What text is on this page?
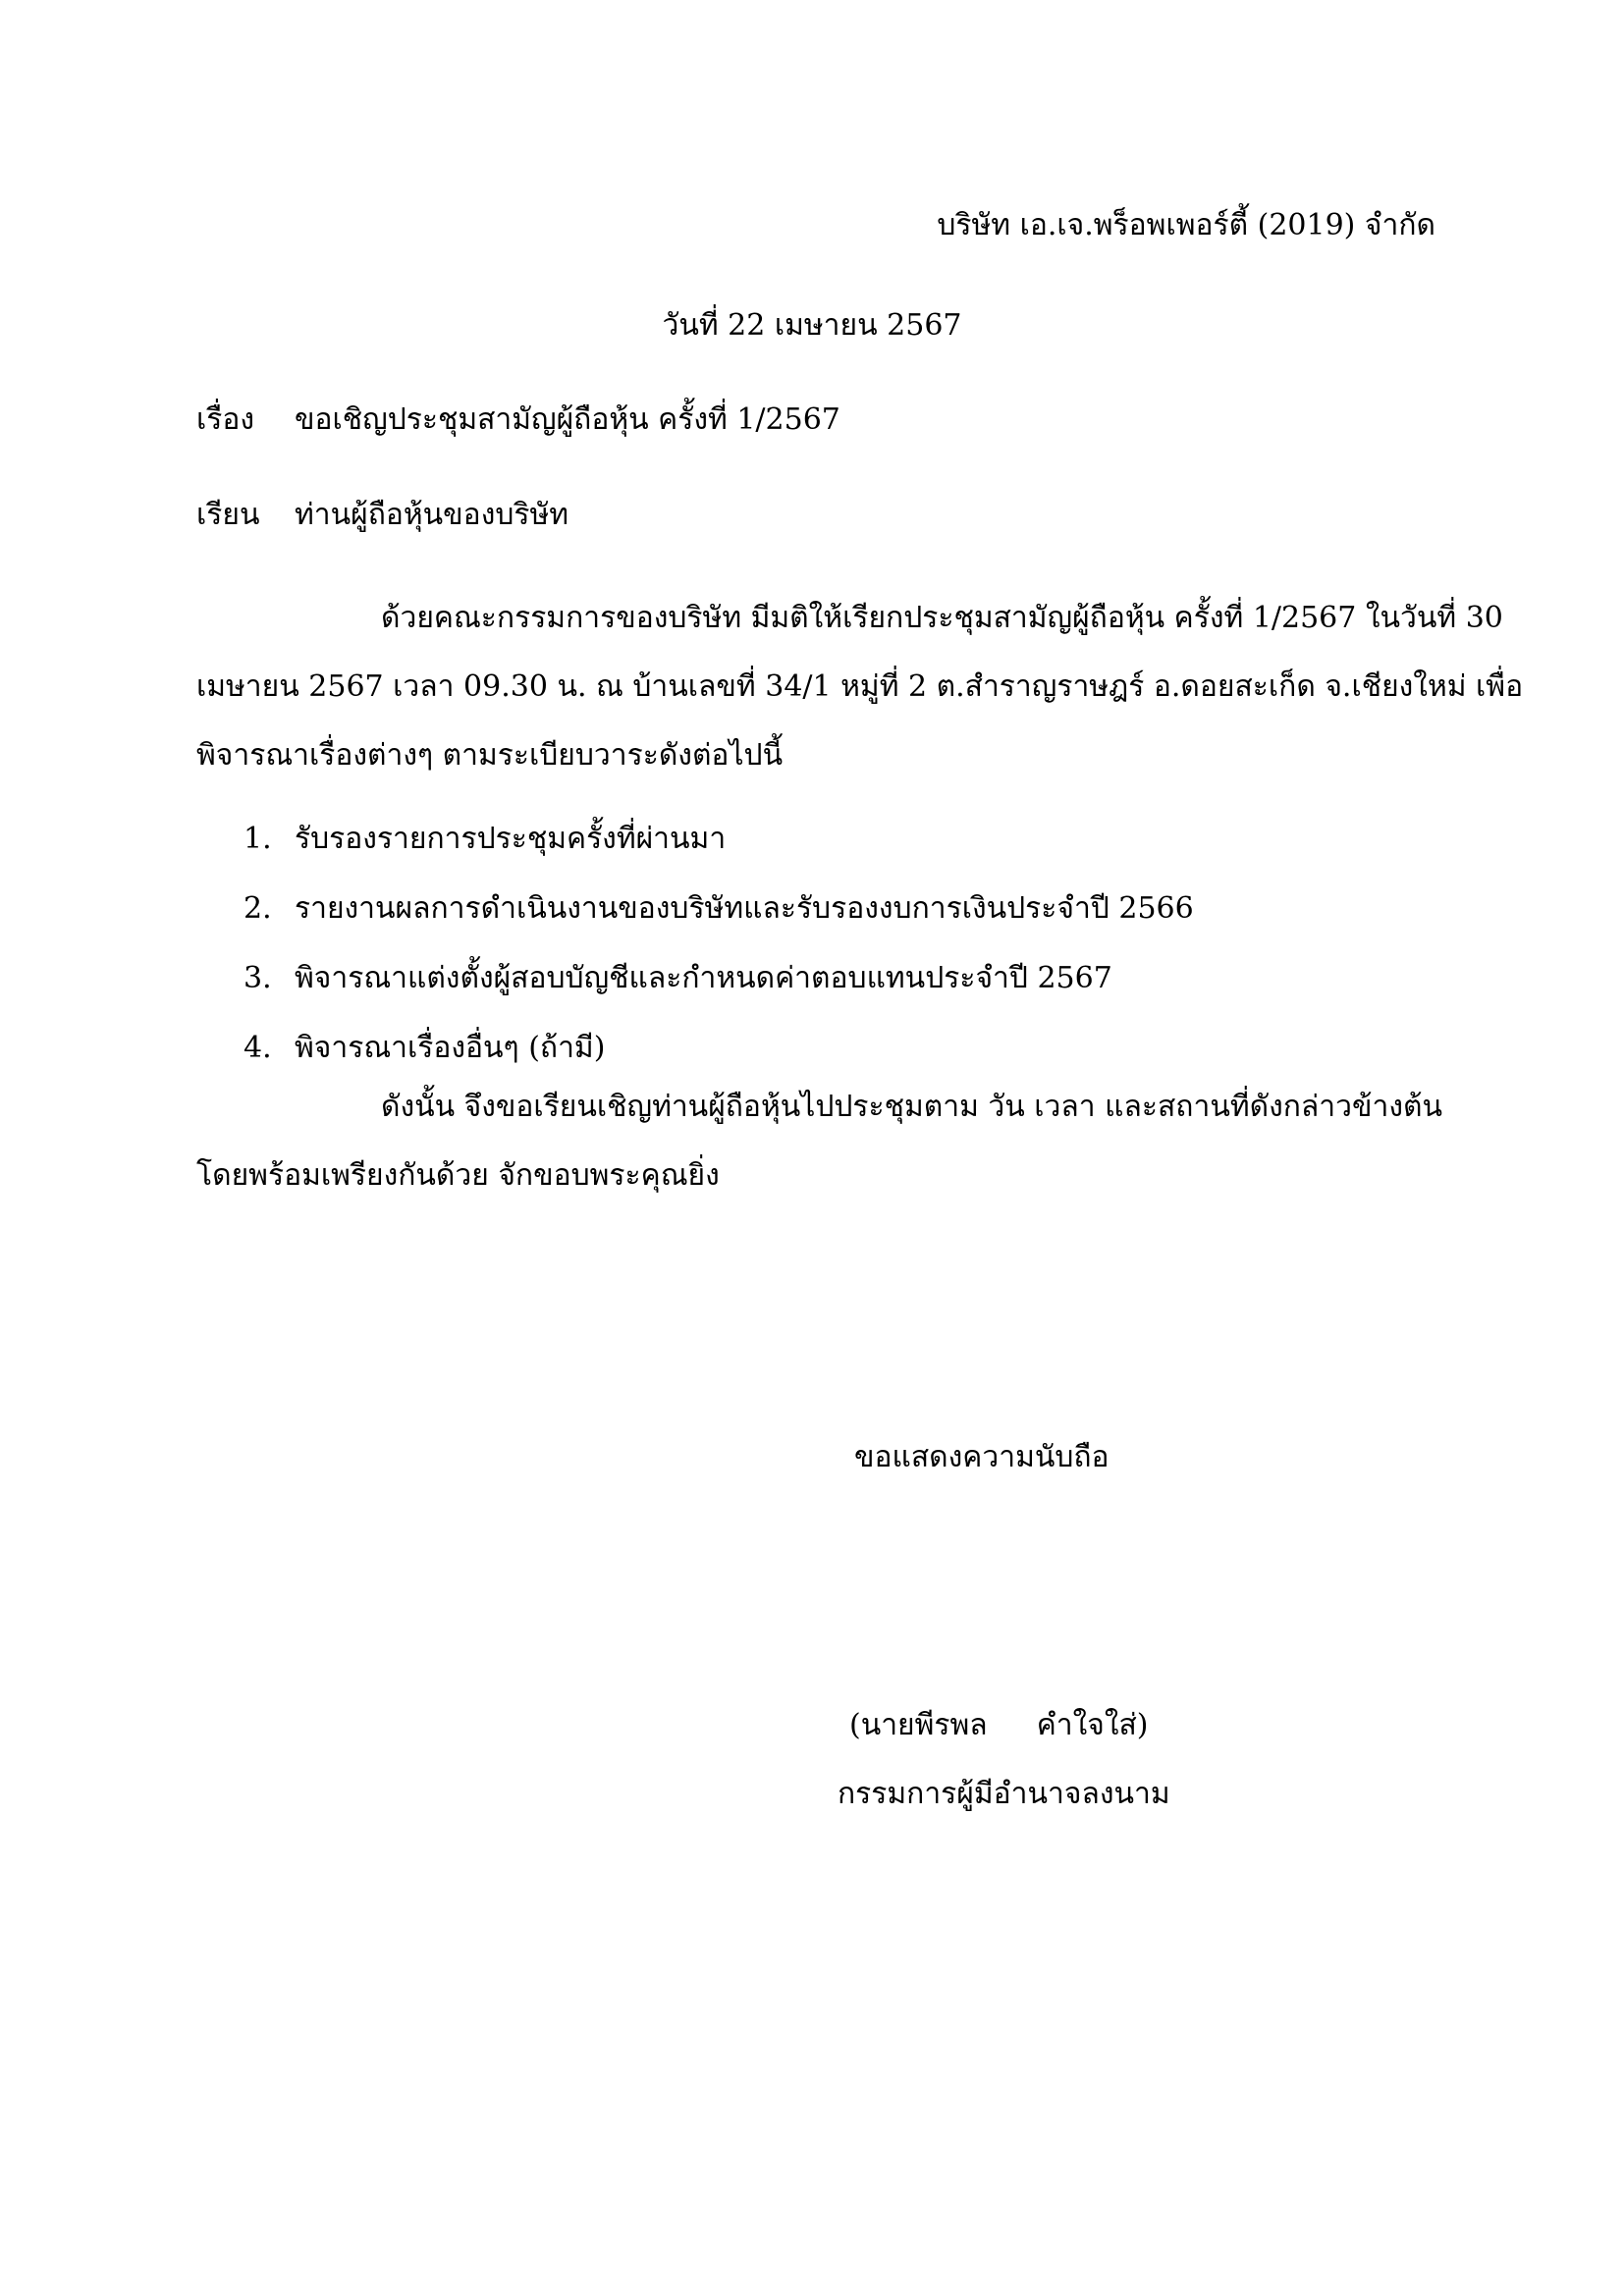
บริษัท เอ.เจ.พร็อพเพอร์ตี้ (2019) จำกัด
วันที่ 22 เมษายน 2567
เรื่อง ขอเชิญประชุมสามัญผู้ถือหุ้น ครั้งที่ 1/2567
เรียน ท่านผู้ถือหุ้นของบริษัท

ด้วยคณะกรรมการของบริษัท มีมติให้เรียกประชุมสามัญผู้ถือหุ้น ครั้งที่ 1/2567 ในวันที่ 30
เมษายน 2567 เวลา 09.30 น. ณ บ้านเลขที่ 34/1 หมู่ที่ 2 ต.สำราญราษฎร์ อ.ดอยสะเก็ด จ.เชียงใหม่ เพื่อ
พิจารณาเรื่องต่างๆ ตามระเบียบวาระดังต่อไปนี้

1. รับรองรายการประชุมครั้งที่ผ่านมา
2. รายงานผลการดำเนินงานของบริษัทและรับรองงบการเงินประจำปี 2566
3. พิจารณาแต่งตั้งผู้สอบบัญชีและกำหนดค่าตอบแทนประจำปี 2567
4. พิจารณาเรื่องอื่นๆ (ถ้ามี)

ดังนั้น จึงขอเรียนเชิญท่านผู้ถือหุ้นไปประชุมตาม วัน เวลา และสถานที่ดังกล่าวข้างต้น
โดยพร้อมเพรียงกันด้วย จักขอบพระคุณยิ่ง

ขอแสดงความนับถือ
(นายพีรพล คำใจใส่)
กรรมการผู้มีอำนาจลงนาม
